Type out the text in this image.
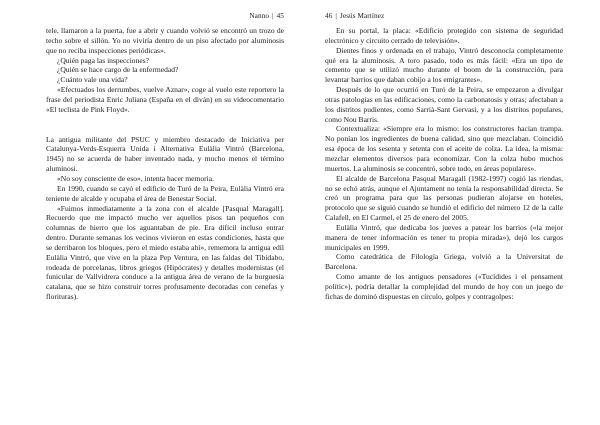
Nanno | 45

tele, llamaron a la puerta, fue a abrir y cuando volvió se encontró un trozo de techo sobre el sillón. Yo no viviría dentro de un piso afectado por aluminosis que no reciba inspecciones periódicas».

¿Quién paga las inspecciones?

¿Quién se hace cargo de la enfermedad?

¿Cuánto vale una vida?

«Efectuados los derrumbes, vuelve Aznar», coge al vuelo este reportero la frase del periodista Enric Juliana (España en el diván) en su videocomentario «El teclista de Pink Floyd».

La antigua militante del PSUC y miembro destacado de Iniciativa per Catalunya-Verds-Esquerra Unida i Alternativa Eulàlia Vintró (Barcelona, 1945) no se acuerda de haber inventado nada, y mucho menos el término aluminosi.

«No soy consciente de eso», intenta hacer memoria.

En 1990, cuando se cayó el edificio de Turó de la Peira, Eulàlia Vintró era teniente de alcalde y ocupaba el área de Benestar Social.

«Fuimos inmediatamente a la zona con el alcalde [Pasqual Maragall]. Recuerdo que me impactó mucho ver aquellos pisos tan pequeños con columnas de hierro que los aguantaban de pie. Era difícil incluso entrar dentro. Durante semanas los vecinos vivieron en estas condiciones, hasta que se derribaron los bloques, pero el miedo estaba ahí», rememora la antigua edil Eulàlia Vintró, que vive en la plaza Pep Ventura, en las faldas del Tibidabo, rodeada de porcelanas, libros griegos (Hipócrates) y detalles modernistas (el funicular de Vallvidrera conduce a la antigua área de verano de la burguesía catalana, que se hizo construir torres profusamente decoradas con cenefas y florituras).

46 | Jesús Martínez

En su portal, la placa: «Edificio protegido con sistema de seguridad electrónico y circuito cerrado de televisión».

Dientes finos y ordenada en el trabajo, Vintró desconocía completamente qué era la aluminosis. A toro pasado, todo es más fácil: «Era un tipo de cemento que se utilizó mucho durante el boom de la construcción, para levantar barrios que daban cobijo a los emigrantes».

Después de lo que ocurrió en Turó de la Peira, se empezaron a divulgar otras patologías en las edificaciones, como la carbonatosis y otras; afectaban a los distritos pudientes, como Sarrià-Sant Gervasi, y a los distritos populares, como Nou Barris.

Contextualiza: «Siempre era lo mismo: los constructores hacían trampa. No ponían los ingredientes de buena calidad, sino que mezclaban. Coincidió esa época de los sesenta y setenta con el aceite de colza. La idea, la misma: mezclar elementos diversos para economizar. Con la colza hubo muchos muertos. La aluminosis se concentró, sobre todo, en áreas populares».

El alcalde de Barcelona Pasqual Maragall (1982-1997) cogió las riendas, no se echó atrás, aunque el Ajuntament no tenía la responsabilidad directa. Se creó un programa para que las personas pudieran alojarse en hoteles, protocolo que se siguió cuando se hundió el edificio del número 12 de la calle Calafell, en El Carmel, el 25 de enero del 2005.

Eulàlia Vintró, que dedicaba los jueves a patear los barrios («la mejor manera de tener información es tener tu propia mirada»), dejó los cargos municipales en 1999.

Como catedrática de Filología Griega, volvió a la Universitat de Barcelona.

Como amante de los antiguos pensadores («Tucídides i el pensament polític»), podría detallar la complejidad del mundo de hoy con un juego de fichas de dominó dispuestas en círculo, golpes y contragolpes:
